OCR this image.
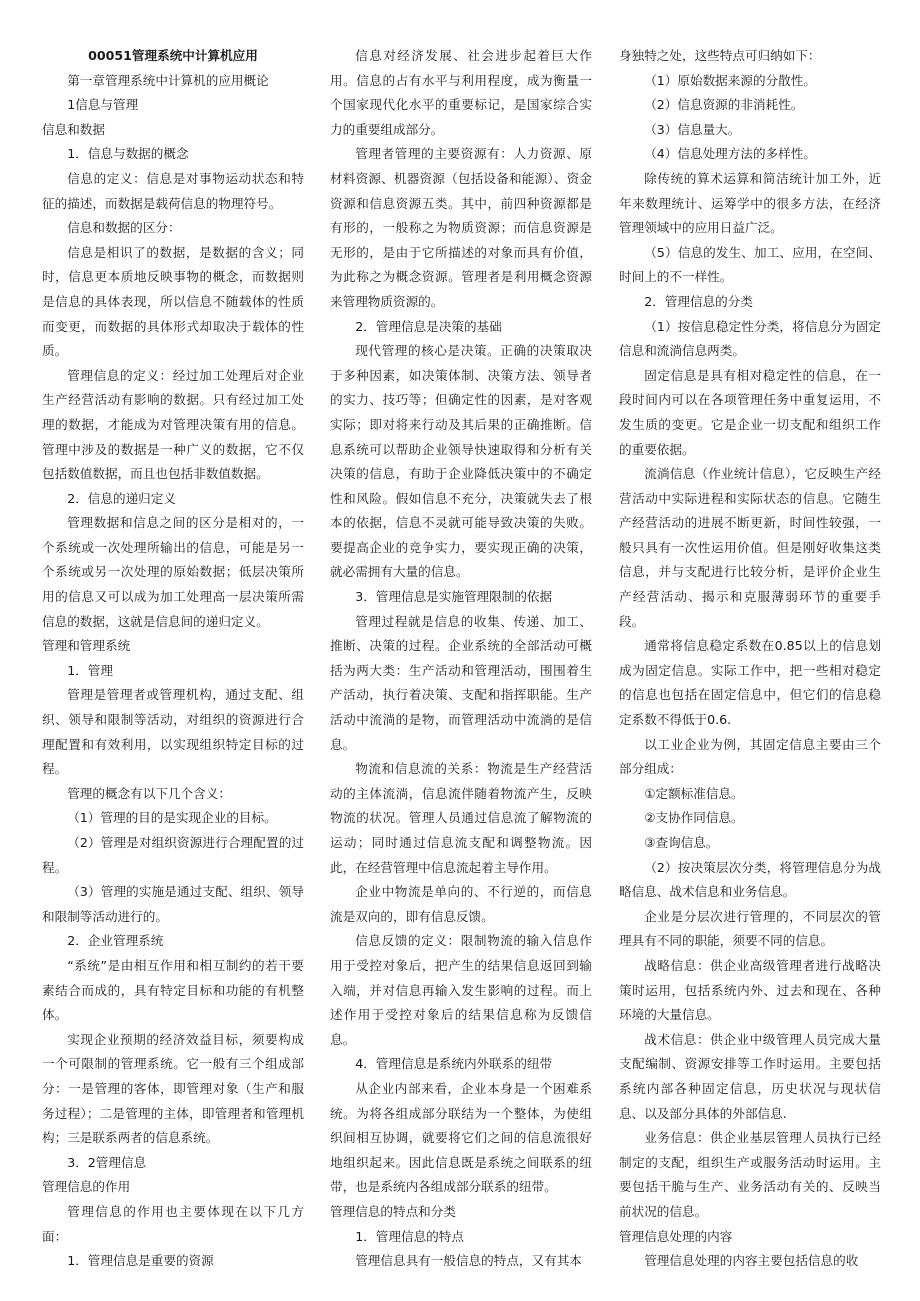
00051管理系统中计算机应用

第一章管理系统中计算机的应用概论

1信息与管理

信息和数据

1．信息与数据的概念

信息的定义：信息是对事物运动状态和特征的描述，而数据是载荷信息的物理符号。

信息和数据的区分：

信息是相识了的数据，是数据的含义；同时，信息更本质地反映事物的概念，而数据则是信息的具体表现，所以信息不随载体的性质而变更，而数据的具体形式却取决于载体的性质。

管理信息的定义：经过加工处理后对企业生产经营活动有影响的数据。只有经过加工处理的数据，才能成为对管理决策有用的信息。管理中涉及的数据是一种广义的数据，它不仅包括数值数据，而且也包括非数值数据。

2．信息的递归定义

管理数据和信息之间的区分是相对的，一个系统或一次处理所输出的信息，可能是另一个系统或另一次处理的原始数据；低层决策所用的信息又可以成为加工处理高一层决策所需信息的数据，这就是信息间的递归定义。

管理和管理系统

1．管理

管理是管理者或管理机构，通过支配、组织、领导和限制等活动，对组织的资源进行合理配置和有效利用，以实现组织特定目标的过程。

管理的概念有以下几个含义：

（1）管理的目的是实现企业的目标。

（2）管理是对组织资源进行合理配置的过程。

（3）管理的实施是通过支配、组织、领导和限制等活动进行的。

2．企业管理系统

“系统”是由相互作用和相互制约的若干要素结合而成的，具有特定目标和功能的有机整体。

实现企业预期的经济效益目标，须要构成一个可限制的管理系统。它一般有三个组成部分：一是管理的客体，即管理对象（生产和服务过程）；二是管理的主体，即管理者和管理机构；三是联系两者的信息系统。

3．2管理信息

管理信息的作用

管理信息的作用也主要体现在以下几方面：

1．管理信息是重要的资源

信息对经济发展、社会进步起着巨大作用。信息的占有水平与利用程度，成为衡量一个国家现代化水平的重要标记，是国家综合实力的重要组成部分。

管理者管理的主要资源有：人力资源、原材料资源、机器资源（包括设备和能源）、资金资源和信息资源五类。其中，前四种资源都是有形的，一般称之为物质资源；而信息资源是无形的，是由于它所描述的对象而具有价值，为此称之为概念资源。管理者是利用概念资源来管理物质资源的。

2．管理信息是决策的基础

现代管理的核心是决策。正确的决策取决于多种因素，如决策体制、决策方法、领导者的实力、技巧等；但确定性的因素，是对客观实际；即对将来行动及其后果的正确推断。信息系统可以帮助企业领导快速取得和分析有关决策的信息，有助于企业降低决策中的不确定性和风险。假如信息不充分，决策就失去了根本的依据，信息不灵就可能导致决策的失败。要提高企业的竞争实力，要实现正确的决策，就必需拥有大量的信息。

3．管理信息是实施管理限制的依据

管理过程就是信息的收集、传递、加工、推断、决策的过程。企业系统的全部活动可概括为两大类：生产活动和管理活动，围围着生产活动，执行着决策、支配和指挥职能。生产活动中流淌的是物，而管理活动中流淌的是信息。

物流和信息流的关系：物流是生产经营活动的主体流淌，信息流伴随着物流产生，反映物流的状况。管理人员通过信息流了解物流的运动；同时通过信息流支配和调整物流。因此，在经营管理中信息流起着主导作用。

企业中物流是单向的、不行逆的，而信息流是双向的，即有信息反馈。

信息反馈的定义：限制物流的输入信息作用于受控对象后，把产生的结果信息返回到输入端，并对信息再输入发生影响的过程。而上述作用于受控对象后的结果信息称为反馈信息。

4．管理信息是系统内外联系的纽带

从企业内部来看，企业本身是一个困难系统。为将各组成部分联结为一个整体，为使组织间相互协调，就要将它们之间的信息流很好地组织起来。因此信息既是系统之间联系的纽带，也是系统内各组成部分联系的纽带。

管理信息的特点和分类

1．管理信息的特点

管理信息具有一般信息的特点，又有其本

身独特之处，这些特点可归纳如下：

（1）原始数据来源的分散性。

（2）信息资源的非消耗性。

（3）信息量大。

（4）信息处理方法的多样性。

除传统的算术运算和简洁统计加工外，近年来数理统计、运筹学中的很多方法，在经济管理领域中的应用日益广泛。

（5）信息的发生、加工、应用，在空间、时间上的不一样性。

2．管理信息的分类

（1）按信息稳定性分类，将信息分为固定信息和流淌信息两类。

固定信息是具有相对稳定性的信息，在一段时间内可以在各项管理任务中重复运用，不发生质的变更。它是企业一切支配和组织工作的重要依据。

流淌信息（作业统计信息），它反映生产经营活动中实际进程和实际状态的信息。它随生产经营活动的进展不断更新，时间性较强，一般只具有一次性运用价值。但是刚好收集这类信息，并与支配进行比较分析，是评价企业生产经营活动、揭示和克服薄弱环节的重要手段。

通常将信息稳定系数在0.85以上的信息划成为固定信息。实际工作中，把一些相对稳定的信息也包括在固定信息中，但它们的信息稳定系数不得低于0.6.

以工业企业为例，其固定信息主要由三个部分组成：

①定额标准信息。

②支协作同信息。

③查询信息。

（2）按决策层次分类，将管理信息分为战略信息、战术信息和业务信息。

企业是分层次进行管理的，不同层次的管理具有不同的职能，须要不同的信息。

战略信息：供企业高级管理者进行战略决策时运用，包括系统内外、过去和现在、各种环境的大量信息。

战术信息：供企业中级管理人员完成大量支配编制、资源安排等工作时运用。主要包括系统内部各种固定信息，历史状况与现状信息、以及部分具体的外部信息.

业务信息：供企业基层管理人员执行已经制定的支配，组织生产或服务活动时运用。主要包括干脆与生产、业务活动有关的、反映当前状况的信息。

管理信息处理的内容

管理信息处理的内容主要包括信息的收
